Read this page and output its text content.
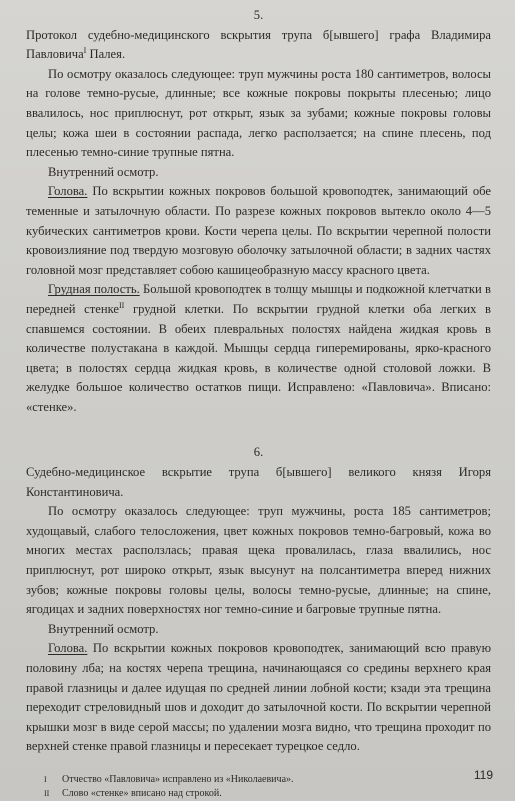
5.

Протокол судебно-медицинского вскрытия трупа б[ывшего] графа Владимира Павловича$^I$ Палея.

По осмотру оказалось следующее: труп мужчины роста 180 сантиметров, волосы на голове темно-русые, длинные; все кожные покровы покрыты плесенью; лицо ввалилось, нос приплюснут, рот открыт, язык за зубами; кожные покровы головы целы; кожа шеи в состоянии распада, легко расползается; на спине плесень, под плесенью темно-синие трупные пятна.

Внутренний осмотр.

Голова. По вскрытии кожных покровов большой кровоподтек, занимающий обе теменные и затылочную области. По разрезе кожных покровов вытекло около 4—5 кубических сантиметров крови. Кости черепа целы. По вскрытии черепной полости кровоизлияние под твердую мозговую оболочку затылочной области; в задних частях головной мозг представляет собою кашицеобразную массу красного цвета.

Грудная полость. Большой кровоподтек в толщу мышцы и подкожной клетчатки в передней стенке$^{II}$ грудной клетки. По вскрытии грудной клетки оба легких в спавшемся состоянии. В обеих плевральных полостях найдена жидкая кровь в количестве полустакана в каждой. Мышцы сердца гиперемированы, ярко-красного цвета; в полостях сердца жидкая кровь, в количестве одной столовой ложки. В желудке большое количество остатков пищи. Исправлено: «Павловича». Вписано: «стенке».

6.

Судебно-медицинское вскрытие трупа б[ывшего] великого князя Игоря Константиновича.

По осмотру оказалось следующее: труп мужчины, роста 185 сантиметров; худощавый, слабого телосложения, цвет кожных покровов темно-багровый, кожа во многих местах расползлась; правая щека провалилась, глаза ввалились, нос приплюснут, рот широко открыт, язык высунут на полсантиметра вперед нижних зубов; кожные покровы головы целы, волосы темно-русые, длинные; на спине, ягодицах и задних поверхностях ног темно-синие и багровые трупные пятна.

Внутренний осмотр.

Голова. По вскрытии кожных покровов кровоподтек, занимающий всю правую половину лба; на костях черепа трещина, начинающаяся со средины верхнего края правой глазницы и далее идущая по средней линии лобной кости; кзади эта трещина переходит стреловидный шов и доходит до затылочной кости. По вскрытии черепной крышки мозг в виде серой массы; по удалении мозга видно, что трещина проходит по верхней стенке правой глазницы и пересекает турецкое седло.

I	Отчество «Павловича» исправлено из «Николаевича».
II	Слово «стенке» вписано над строкой.
119
